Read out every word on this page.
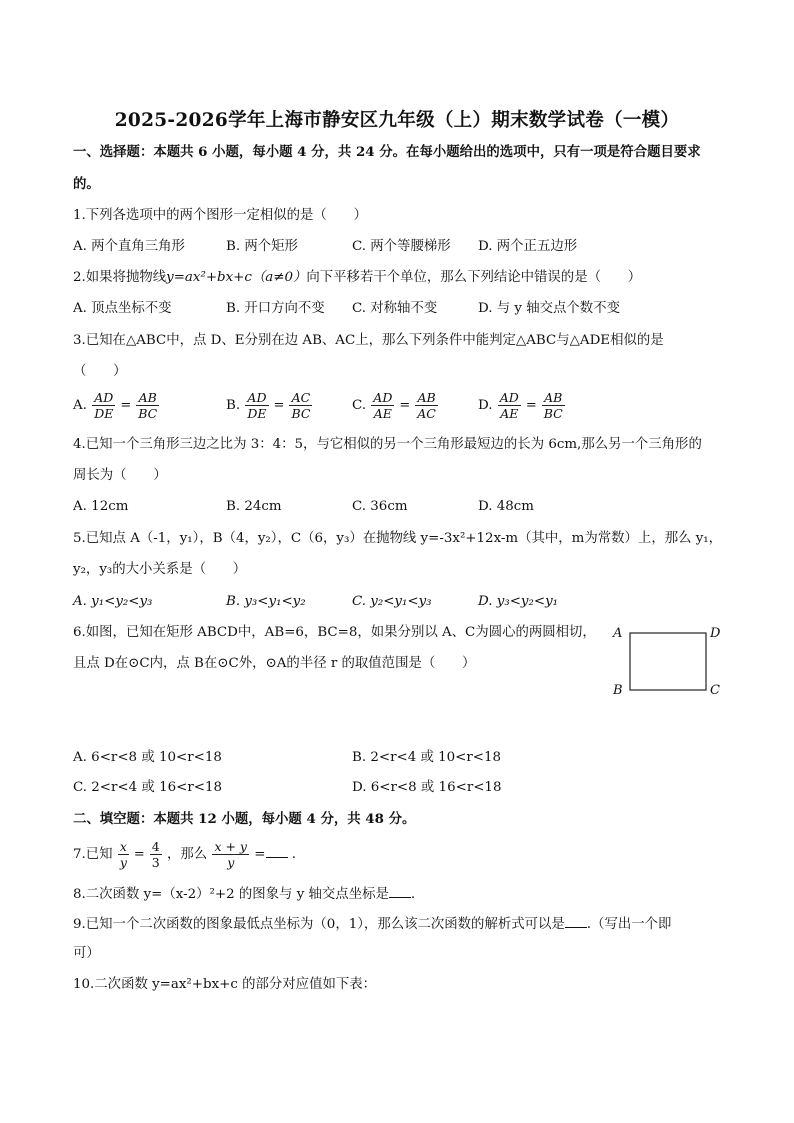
2025-2026学年上海市静安区九年级（上）期末数学试卷（一模）
一、选择题：本题共 6 小题，每小题 4 分，共 24 分。在每小题给出的选项中，只有一项是符合题目要求
的。
1.下列各选项中的两个图形一定相似的是（　　）
A. 两个直角三角形	B. 两个矩形	C. 两个等腰梯形 D. 两个正五边形
2.如果将抛物线y=ax²+bx+c（a≠0）向下平移若干个单位，那么下列结论中错误的是（　　）
A. 顶点坐标不变	B. 开口方向不变 C. 对称轴不变	D. 与 y 轴交点个数不变
3.已知在△ABC中，点 D、E分别在边 AB、AC上，那么下列条件中能判定△ABC与△ADE相似的是
（　　）
A. $\frac{AD}{DE} = \frac{AB}{BC}$	B. $\frac{AD}{DE} = \frac{AC}{BC}$	C. $\frac{AD}{AE} = \frac{AB}{AC}$	D. $\frac{AD}{AE} = \frac{AB}{BC}$
4.已知一个三角形三边之比为 3：4：5，与它相似的另一个三角形最短边的长为 6cm,那么另一个三角形的
周长为（　　）
A. 12cm	B. 24cm	C. 36cm	D. 48cm
5.已知点 A（-1，y₁），B（4，y₂），C（6，y₃）在抛物线 y=-3x²+12x-m（其中，m为常数）上，那么 y₁，
y₂，y₃的大小关系是（　　）
A. y₁<y₂<y₃	B. y₃<y₁<y₂	C. y₂<y₁<y₃	D. y₃<y₂<y₁
6.如图，已知在矩形 ABCD中，AB=6，BC=8，如果分别以 A、C为圆心的两圆相切，
且点 D在⊙C内，点 B在⊙C外，⊙A的半径 r 的取值范围是（　　）
A	D
B	C
A. 6<r<8 或 10<r<18	B. 2<r<4 或 10<r<18
C. 2<r<4 或 16<r<18	D. 6<r<8 或 16<r<18
二、填空题：本题共 12 小题，每小题 4 分，共 48 分。
7.已知 $\frac{x}{y} = \frac{4}{3}$ ，那么 $\frac{x + y}{y}$ = .
8.二次函数 y=（x-2）²+2 的图象与 y 轴交点坐标是 .
9.已知一个二次函数的图象最低点坐标为（0，1），那么该二次函数的解析式可以是 .（写出一个即
可）
10.二次函数 y=ax²+bx+c 的部分对应值如下表：
